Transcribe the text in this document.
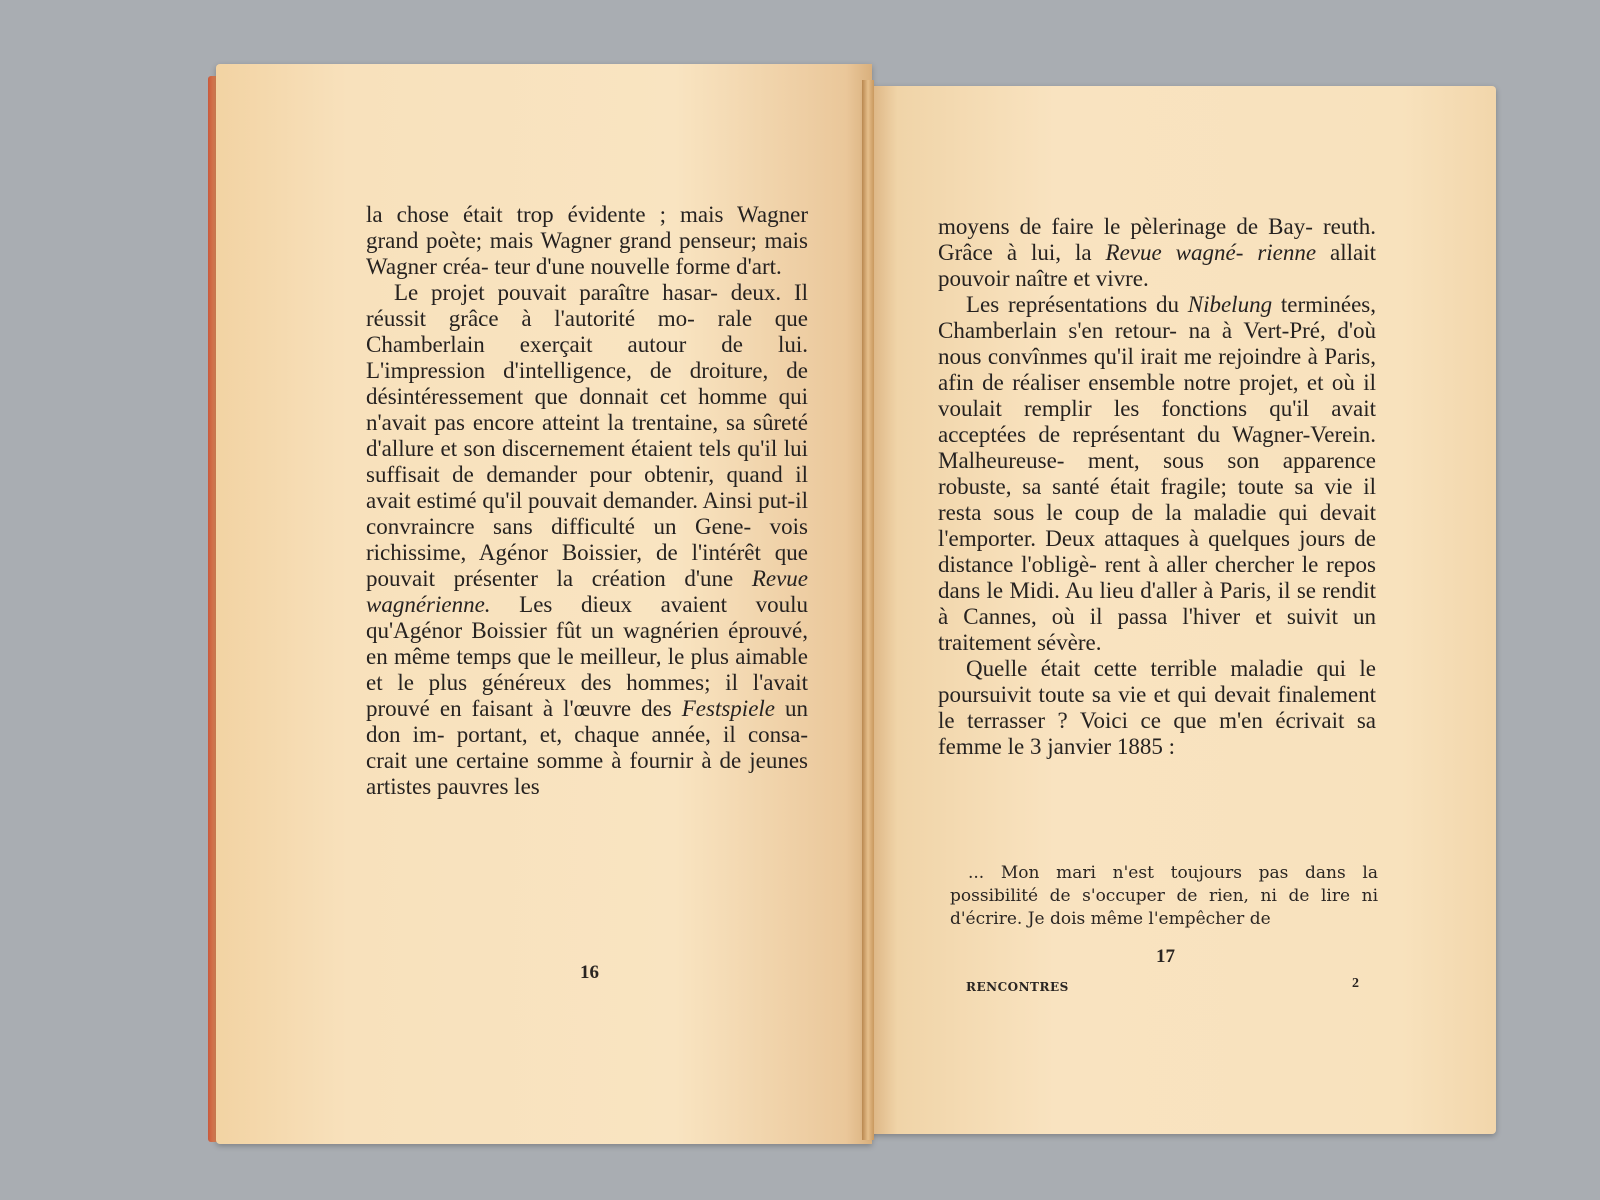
la chose était trop évidente ; mais Wagner grand poète; mais Wagner grand penseur; mais Wagner créa- teur d'une nouvelle forme d'art.

Le projet pouvait paraître hasar- deux. Il réussit grâce à l'autorité mo- rale que Chamberlain exerçait autour de lui. L'impression d'intelligence, de droiture, de désintéressement que donnait cet homme qui n'avait pas encore atteint la trentaine, sa sûreté d'allure et son discernement étaient tels qu'il lui suffisait de demander pour obtenir, quand il avait estimé qu'il pouvait demander. Ainsi put-il convraincre sans difficulté un Gene- vois richissime, Agénor Boissier, de l'intérêt que pouvait présenter la création d'une Revue wagnérienne. Les dieux avaient voulu qu'Agénor Boissier fût un wagnérien éprouvé, en même temps que le meilleur, le plus aimable et le plus généreux des hommes; il l'avait prouvé en faisant à l'œuvre des Festspiele un don im- portant, et, chaque année, il consa- crait une certaine somme à fournir à de jeunes artistes pauvres les

16

moyens de faire le pèlerinage de Bay- reuth. Grâce à lui, la Revue wagné- rienne allait pouvoir naître et vivre.

Les représentations du Nibelung terminées, Chamberlain s'en retour- na à Vert-Pré, d'où nous convînmes qu'il irait me rejoindre à Paris, afin de réaliser ensemble notre projet, et où il voulait remplir les fonctions qu'il avait acceptées de représentant du Wagner-Verein. Malheureuse- ment, sous son apparence robuste, sa santé était fragile; toute sa vie il resta sous le coup de la maladie qui devait l'emporter. Deux attaques à quelques jours de distance l'obligè- rent à aller chercher le repos dans le Midi. Au lieu d'aller à Paris, il se rendit à Cannes, où il passa l'hiver et suivit un traitement sévère.

Quelle était cette terrible maladie qui le poursuivit toute sa vie et qui devait finalement le terrasser ? Voici ce que m'en écrivait sa femme le 3 janvier 1885 :

... Mon mari n'est toujours pas dans la possibilité de s'occuper de rien, ni de lire ni d'écrire. Je dois même l'empêcher de

17
RENCONTRES	2
